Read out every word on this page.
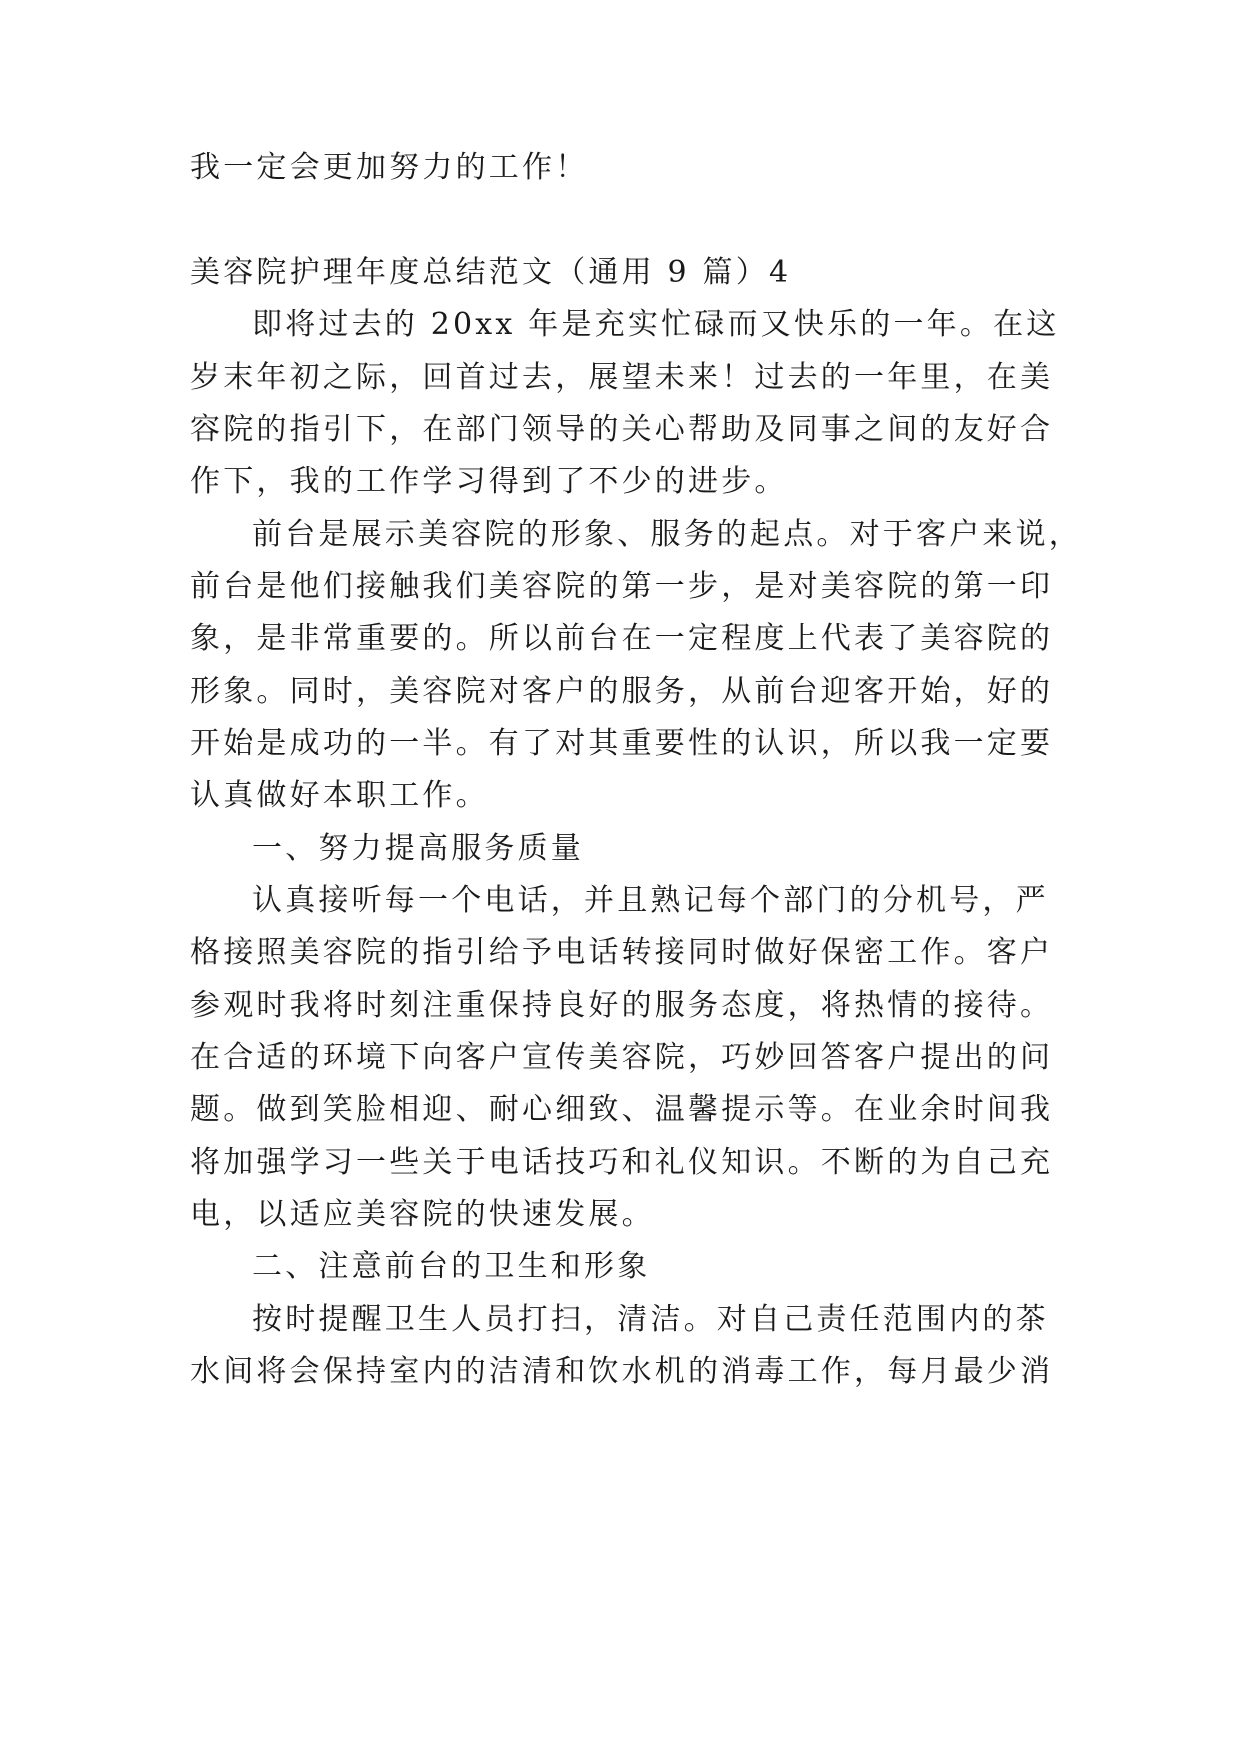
我一定会更加努力的工作！
美容院护理年度总结范文（通用 9 篇）4
即将过去的 20xx 年是充实忙碌而又快乐的一年。在这
岁末年初之际，回首过去，展望未来！过去的一年里，在美
容院的指引下，在部门领导的关心帮助及同事之间的友好合
作下，我的工作学习得到了不少的进步。
前台是展示美容院的形象、服务的起点。对于客户来说，
前台是他们接触我们美容院的第一步，是对美容院的第一印
象，是非常重要的。所以前台在一定程度上代表了美容院的
形象。同时，美容院对客户的服务，从前台迎客开始，好的
开始是成功的一半。有了对其重要性的认识，所以我一定要
认真做好本职工作。
一、努力提高服务质量
认真接听每一个电话，并且熟记每个部门的分机号，严
格接照美容院的指引给予电话转接同时做好保密工作。客户
参观时我将时刻注重保持良好的服务态度，将热情的接待。
在合适的环境下向客户宣传美容院，巧妙回答客户提出的问
题。做到笑脸相迎、耐心细致、温馨提示等。在业余时间我
将加强学习一些关于电话技巧和礼仪知识。不断的为自己充
电，以适应美容院的快速发展。
二、注意前台的卫生和形象
按时提醒卫生人员打扫，清洁。对自己责任范围内的茶
水间将会保持室内的洁清和饮水机的消毒工作，每月最少消
